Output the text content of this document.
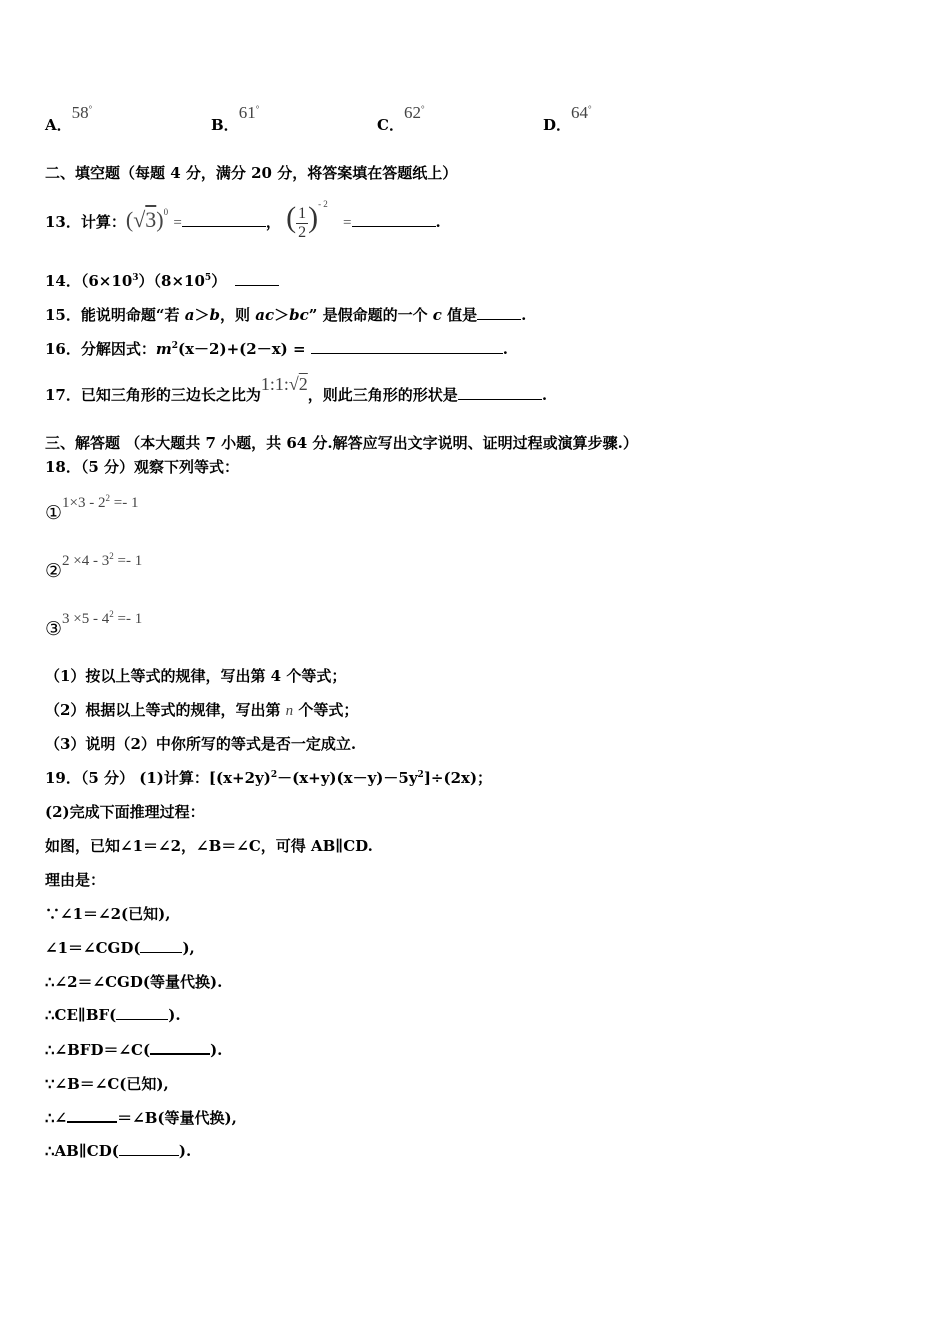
A．58°
B．61°
C．62°
D．64°
二、填空题（每题 4 分，满分 20 分，将答案填在答题纸上）
13．计算：$(√3)^0$ =	， ( $\frac{1}{2} )^{- 2}$ =	.
14．$(6\times 10^3)(8\times 10^5)$
15．能说明命题“若 a＞b，则 ac＞bc” 是假命题的一个 c 值是	.
16．分解因式：$m^2(x-2)+(2-x)$ =	.
17．已知三角形的三边长之比为1:1:√2，则此三角形的形状是	.
三、解答题 （本大题共 7 小题，共 64 分.解答应写出文字说明、证明过程或演算步骤.）
18．（5 分）观察下列等式：
①1×3 - $2^2 =- 1$
②2 $\times 4 - 3^2 =- 1$
③3 $\times 5 - 4^2 =- 1$
（1）按以上等式的规律，写出第 4 个等式；
（2）根据以上等式的规律，写出第 n 个等式；
（3）说明（2）中你所写的等式是否一定成立.
19．（5 分） (1)计算：$[(x+2y)^2-(x+y)(x-y)-5y^2]\div(2x)$；
(2)完成下面推理过程：
如图，已知∠1＝∠2，∠B＝∠C，可得 AB∥CD.
理由是：
∵∠1＝∠2(已知),
∠1＝∠CGD(	),
∴∠2＝∠CGD(等量代换).
∴CE∥BF(	).
∴∠BFD＝∠C(	).
∵∠B＝∠C(已知),
∴∠	＝∠B(等量代换),
∴AB∥CD(	).
